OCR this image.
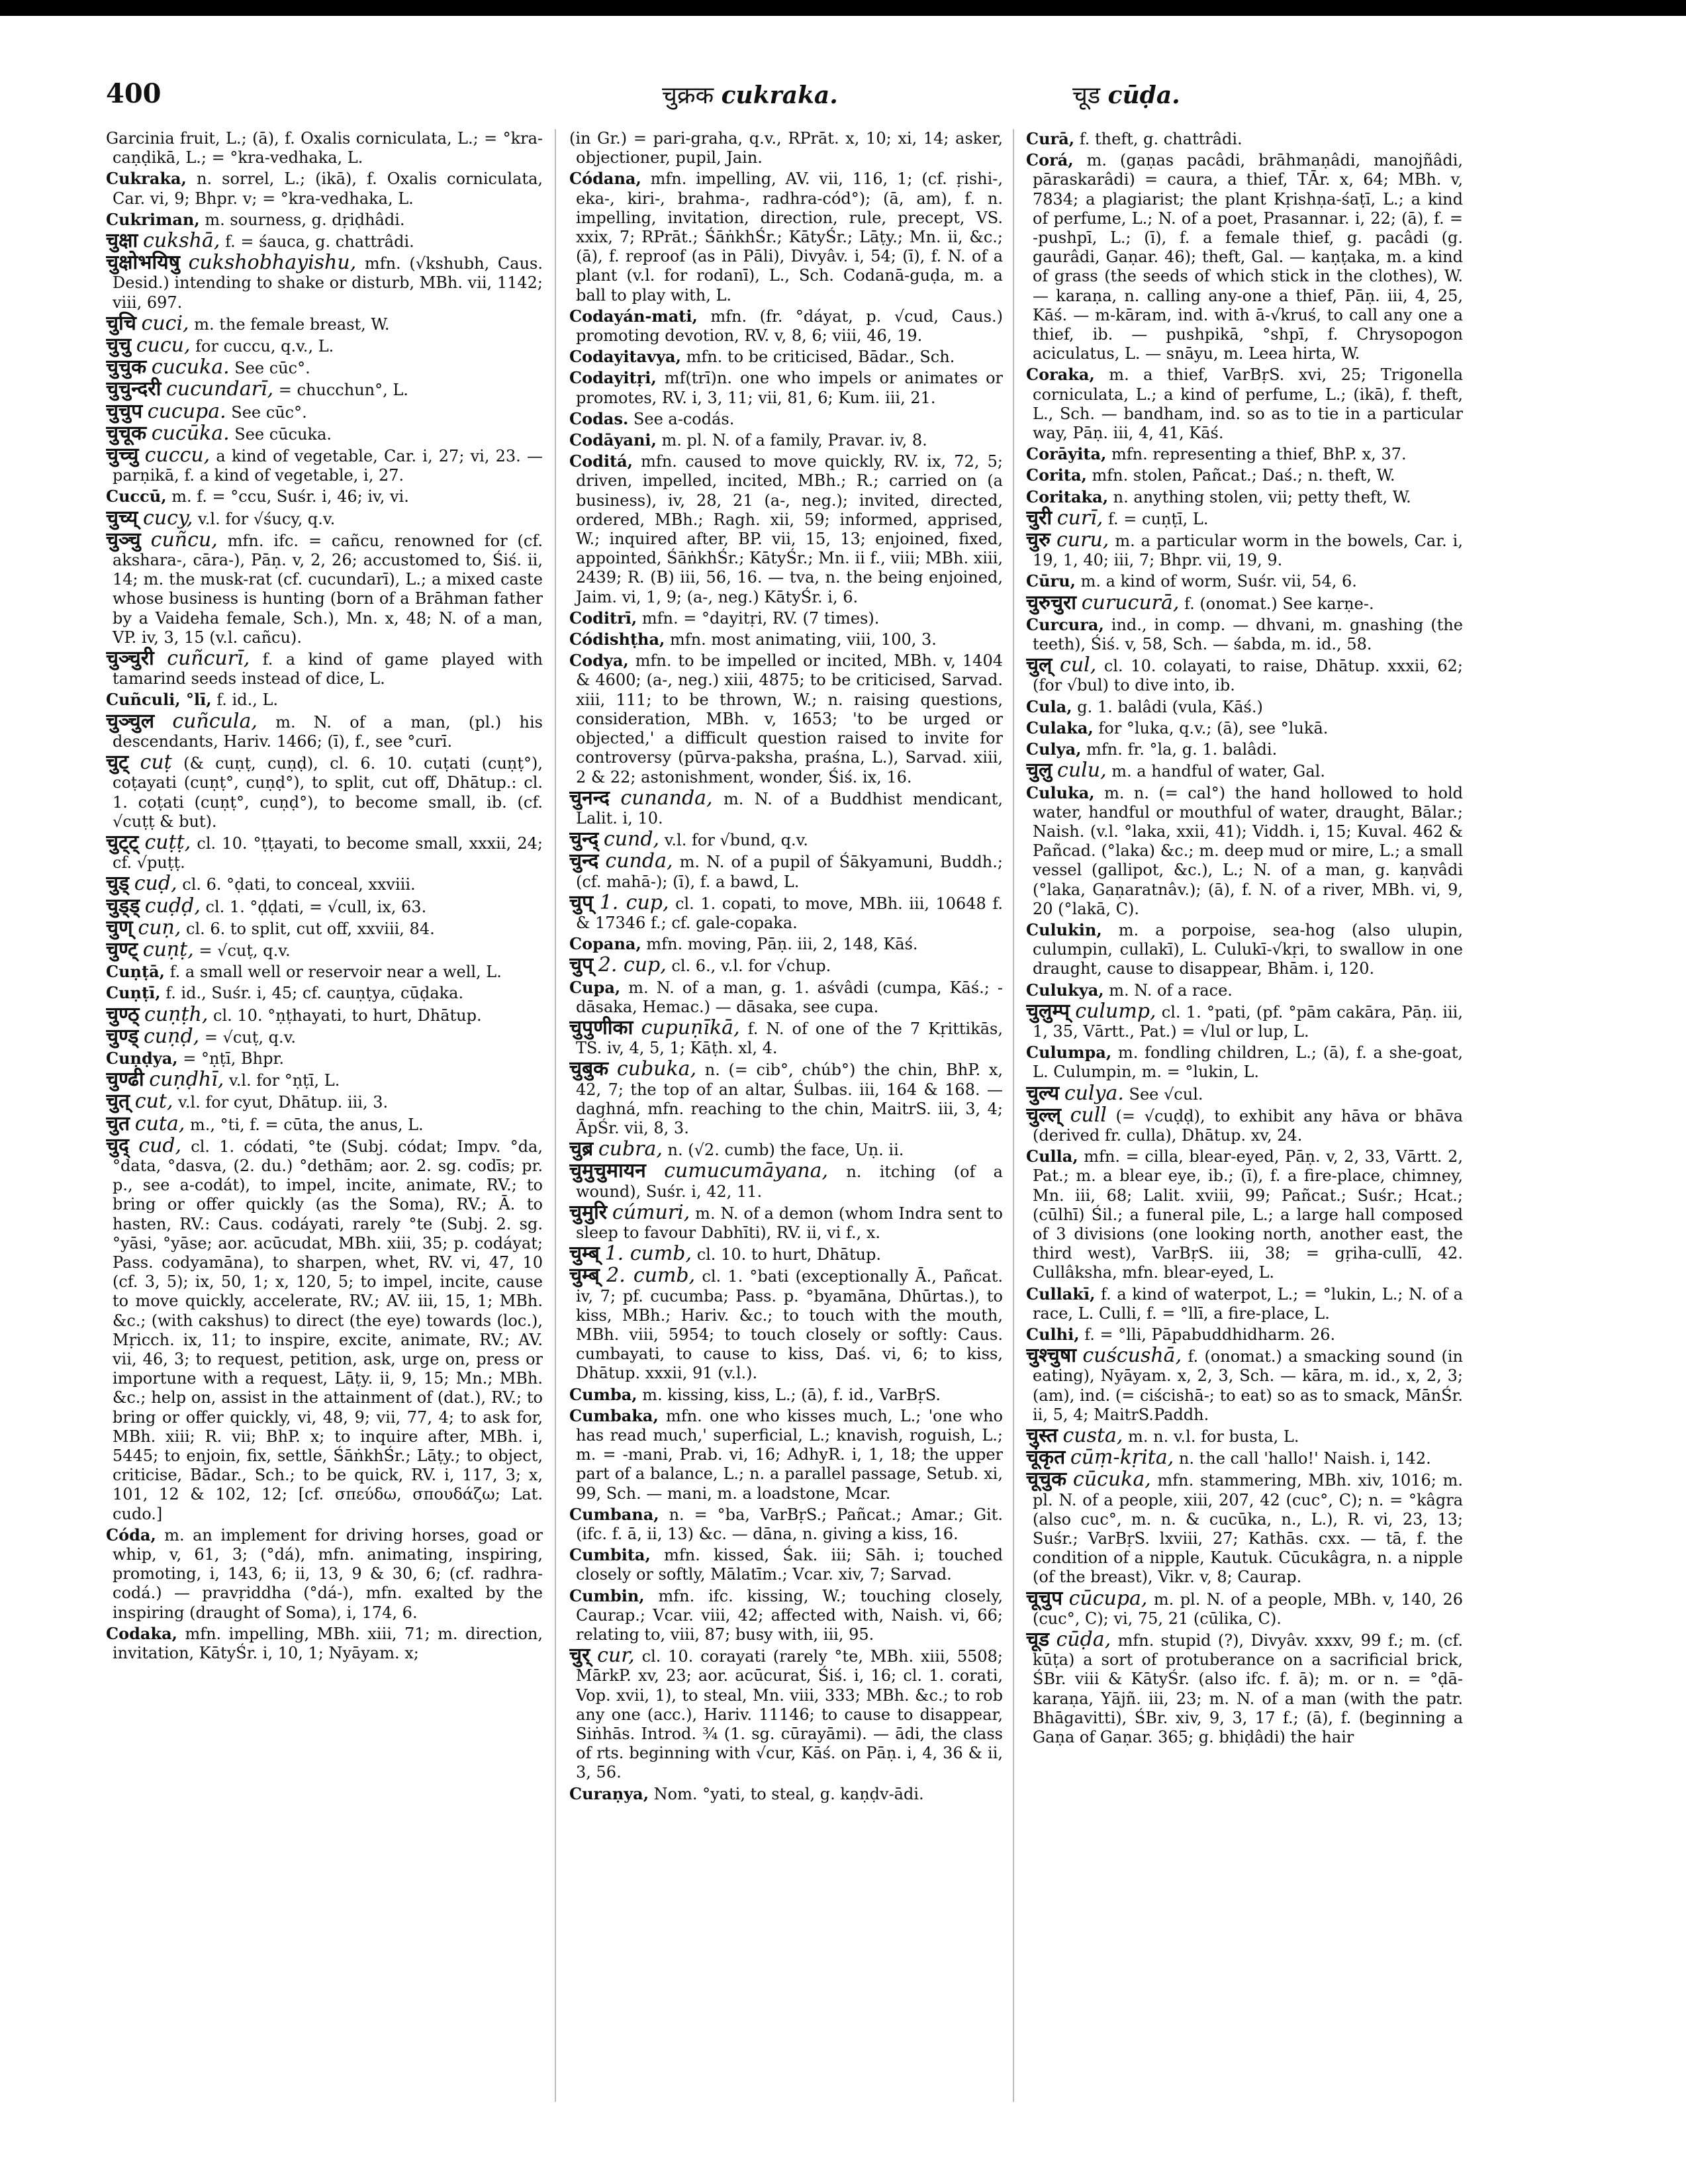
400	चुक्रक cukraka.	चूड cūḍa.

Garcinia fruit, L.; (ā), f. Oxalis corniculata, L.; = °kra-caṇḍikā, L.; = °kra-vedhaka, L.

Cukraka, n. sorrel, L.; (ikā), f. Oxalis corniculata, Car. vi, 9; Bhpr. v; = °kra-vedhaka, L.

Cukriman, m. sourness, g. dṛiḍhâdi.

चुक्षा cukshā, f. = śauca, g. chattrâdi.

चुक्षोभयिषु cukshobhayishu, mfn. (√kshubh, Caus. Desid.) intending to shake or disturb, MBh. vii, 1142; viii, 697.

चुचि cuci, m. the female breast, W.

चुचु cucu, for cuccu, q.v., L.

चुचुक cucuka. See cūc°.

चुचुन्दरी cucundarī, = chucchun°, L.

चुचुप cucupa. See cūc°.

चुचूक cucūka. See cūcuka.

चुच्चु cuccu, a kind of vegetable, Car. i, 27; vi, 23. — parṇikā, f. a kind of vegetable, i, 27.

Cuccū, m. f. = °ccu, Suśr. i, 46; iv, vi.

चुच्य् cucy, v.l. for √śucy, q.v.

चुञ्चु cuñcu, mfn. ifc. = cañcu, renowned for (cf. akshara-, cāra-), Pāṇ. v, 2, 26; accustomed to, Śiś. ii, 14; m. the musk-rat (cf. cucundarī), L.; a mixed caste whose business is hunting (born of a Brāhman father by a Vaideha female, Sch.), Mn. x, 48; N. of a man, VP. iv, 3, 15 (v.l. cañcu).

चुञ्चुरी cuñcurī, f. a kind of game played with tamarind seeds instead of dice, L.

Cuñculi, °lī, f. id., L.

चुञ्चुल cuñcula, m. N. of a man, (pl.) his descendants, Hariv. 1466; (ī), f., see °curī.

चुट् cuṭ (& cuṇṭ, cuṇḍ), cl. 6. 10. cuṭati (cuṇṭ°), coṭayati (cuṇṭ°, cuṇḍ°), to split, cut off, Dhātup.: cl. 1. coṭati (cuṇṭ°, cuṇḍ°), to become small, ib. (cf. √cuṭṭ & but).

चुट्ट् cuṭṭ, cl. 10. °ṭṭayati, to become small, xxxii, 24; cf. √puṭṭ.

चुड् cuḍ, cl. 6. °ḍati, to conceal, xxviii.

चुड्ड् cuḍḍ, cl. 1. °ḍḍati, = √cull, ix, 63.

चुण् cuṇ, cl. 6. to split, cut off, xxviii, 84.

चुण्ट् cuṇṭ, = √cuṭ, q.v.

Cuṇṭā, f. a small well or reservoir near a well, L.

Cuṇṭī, f. id., Suśr. i, 45; cf. cauṇṭya, cūḍaka.

चुण्ठ् cuṇṭh, cl. 10. °ṇṭhayati, to hurt, Dhātup.

चुण्ड् cuṇḍ, = √cuṭ, q.v.

Cuṇḍya, = °ṇṭī, Bhpr.

चुण्ढी cuṇḍhī, v.l. for °ṇṭī, L.

चुत् cut, v.l. for cyut, Dhātup. iii, 3.

चुत cuta, m., °ti, f. = cūta, the anus, L.

चुद् cud, cl. 1. códati, °te (Subj. códat; Impv. °da, °data, °dasva, (2. du.) °dethām; aor. 2. sg. codīs; pr. p., see a-codát), to impel, incite, animate, RV.; to bring or offer quickly (as the Soma), RV.; Ā. to hasten, RV.: Caus. codáyati, rarely °te (Subj. 2. sg. °yāsi, °yāse; aor. acūcudat, MBh. xiii, 35; p. codáyat; Pass. codyamāna), to sharpen, whet, RV. vi, 47, 10 (cf. 3, 5); ix, 50, 1; x, 120, 5; to impel, incite, cause to move quickly, accelerate, RV.; AV. iii, 15, 1; MBh. &c.; (with cakshus) to direct (the eye) towards (loc.), Mṛicch. ix, 11; to inspire, excite, animate, RV.; AV. vii, 46, 3; to request, petition, ask, urge on, press or importune with a request, Lāṭy. ii, 9, 15; Mn.; MBh. &c.; help on, assist in the attainment of (dat.), RV.; to bring or offer quickly, vi, 48, 9; vii, 77, 4; to ask for, MBh. xiii; R. vii; BhP. x; to inquire after, MBh. i, 5445; to enjoin, fix, settle, ŚāṅkhŚr.; Lāṭy.; to object, criticise, Bādar., Sch.; to be quick, RV. i, 117, 3; x, 101, 12 & 102, 12; [cf. σπεύδω, σπουδάζω; Lat. cudo.]

Códa, m. an implement for driving horses, goad or whip, v, 61, 3; (°dá), mfn. animating, inspiring, promoting, i, 143, 6; ii, 13, 9 & 30, 6; (cf. radhra-codá.) — pravṛiddha (°dá-), mfn. exalted by the inspiring (draught of Soma), i, 174, 6.

Codaka, mfn. impelling, MBh. xiii, 71; m. direction, invitation, KātyŚr. i, 10, 1; Nyāyam. x;

(in Gr.) = pari-graha, q.v., RPrāt. x, 10; xi, 14; asker, objectioner, pupil, Jain.

Códana, mfn. impelling, AV. vii, 116, 1; (cf. ṛishi-, eka-, kiri-, brahma-, radhra-cód°); (ā, am), f. n. impelling, invitation, direction, rule, precept, VS. xxix, 7; RPrāt.; ŚāṅkhŚr.; KātyŚr.; Lāṭy.; Mn. ii, &c.; (ā), f. reproof (as in Pāli), Divyâv. i, 54; (ī), f. N. of a plant (v.l. for rodanī), L., Sch. Codanā-guḍa, m. a ball to play with, L.

Codayán-mati, mfn. (fr. °dáyat, p. √cud, Caus.) promoting devotion, RV. v, 8, 6; viii, 46, 19.

Codayitavya, mfn. to be criticised, Bādar., Sch.

Codayitṛi, mf(trī)n. one who impels or animates or promotes, RV. i, 3, 11; vii, 81, 6; Kum. iii, 21.

Codas. See a-codás.

Codāyani, m. pl. N. of a family, Pravar. iv, 8.

Coditá, mfn. caused to move quickly, RV. ix, 72, 5; driven, impelled, incited, MBh.; R.; carried on (a business), iv, 28, 21 (a-, neg.); invited, directed, ordered, MBh.; Ragh. xii, 59; informed, apprised, W.; inquired after, BP. vii, 15, 13; enjoined, fixed, appointed, ŚāṅkhŚr.; KātyŚr.; Mn. ii f., viii; MBh. xiii, 2439; R. (B) iii, 56, 16. — tva, n. the being enjoined, Jaim. vi, 1, 9; (a-, neg.) KātyŚr. i, 6.

Coditrī, mfn. = °dayitṛi, RV. (7 times).

Códishṭha, mfn. most animating, viii, 100, 3.

Codya, mfn. to be impelled or incited, MBh. v, 1404 & 4600; (a-, neg.) xiii, 4875; to be criticised, Sarvad. xiii, 111; to be thrown, W.; n. raising questions, consideration, MBh. v, 1653; 'to be urged or objected,' a difficult question raised to invite for controversy (pūrva-paksha, praśna, L.), Sarvad. xiii, 2 & 22; astonishment, wonder, Śiś. ix, 16.

चुनन्द cunanda, m. N. of a Buddhist mendicant, Lalit. i, 10.

चुन्द् cund, v.l. for √bund, q.v.

चुन्द cunda, m. N. of a pupil of Śākyamuni, Buddh.; (cf. mahā-); (ī), f. a bawd, L.

चुप् 1. cup, cl. 1. copati, to move, MBh. iii, 10648 f. & 17346 f.; cf. gale-copaka.

Copana, mfn. moving, Pāṇ. iii, 2, 148, Kāś.

चुप् 2. cup, cl. 6., v.l. for √chup.

Cupa, m. N. of a man, g. 1. aśvâdi (cumpa, Kāś.; -dāsaka, Hemac.) — dāsaka, see cupa.

चुपुणीका cupuṇīkā, f. N. of one of the 7 Kṛittikās, TS. iv, 4, 5, 1; Kāṭh. xl, 4.

चुबुक cubuka, n. (= cib°, chúb°) the chin, BhP. x, 42, 7; the top of an altar, Śulbas. iii, 164 & 168. — daghná, mfn. reaching to the chin, MaitrS. iii, 3, 4; ĀpŚr. vii, 8, 3.

चुब्र cubra, n. (√2. cumb) the face, Uṇ. ii.

चुमुचुमायन cumucumāyana, n. itching (of a wound), Suśr. i, 42, 11.

चुमुरि cúmuri, m. N. of a demon (whom Indra sent to sleep to favour Dabhīti), RV. ii, vi f., x.

चुम्ब् 1. cumb, cl. 10. to hurt, Dhātup.

चुम्ब् 2. cumb, cl. 1. °bati (exceptionally Ā., Pañcat. iv, 7; pf. cucumba; Pass. p. °byamāna, Dhūrtas.), to kiss, MBh.; Hariv. &c.; to touch with the mouth, MBh. viii, 5954; to touch closely or softly: Caus. cumbayati, to cause to kiss, Daś. vi, 6; to kiss, Dhātup. xxxii, 91 (v.l.).

Cumba, m. kissing, kiss, L.; (ā), f. id., VarBṛS.

Cumbaka, mfn. one who kisses much, L.; 'one who has read much,' superficial, L.; knavish, roguish, L.; m. = -mani, Prab. vi, 16; AdhyR. i, 1, 18; the upper part of a balance, L.; n. a parallel passage, Setub. xi, 99, Sch. — mani, m. a loadstone, Mcar.

Cumbana, n. = °ba, VarBṛS.; Pañcat.; Amar.; Git. (ifc. f. ā, ii, 13) &c. — dāna, n. giving a kiss, 16.

Cumbita, mfn. kissed, Śak. iii; Sāh. i; touched closely or softly, Mālatīm.; Vcar. xiv, 7; Sarvad.

Cumbin, mfn. ifc. kissing, W.; touching closely, Caurap.; Vcar. viii, 42; affected with, Naish. vi, 66; relating to, viii, 87; busy with, iii, 95.

चुर् cur, cl. 10. corayati (rarely °te, MBh. xiii, 5508; MārkP. xv, 23; aor. acūcurat, Śiś. i, 16; cl. 1. corati, Vop. xvii, 1), to steal, Mn. viii, 333; MBh. &c.; to rob any one (acc.), Hariv. 11146; to cause to disappear, Siṅhās. Introd. ¾ (1. sg. cūrayāmi). — ādi, the class of rts. beginning with √cur, Kāś. on Pāṇ. i, 4, 36 & ii, 3, 56.

Curaṇya, Nom. °yati, to steal, g. kaṇḍv-ādi.

Curā, f. theft, g. chattrâdi.

Corá, m. (gaṇas pacâdi, brāhmaṇâdi, manojñâdi, pāraskarâdi) = caura, a thief, TĀr. x, 64; MBh. v, 7834; a plagiarist; the plant Kṛishṇa-śaṭī, L.; a kind of perfume, L.; N. of a poet, Prasannar. i, 22; (ā), f. = -pushpī, L.; (ī), f. a female thief, g. pacâdi (g. gaurâdi, Gaṇar. 46); theft, Gal. — kaṇṭaka, m. a kind of grass (the seeds of which stick in the clothes), W. — karaṇa, n. calling any-one a thief, Pāṇ. iii, 4, 25, Kāś. — m-kāram, ind. with ā-√kruś, to call any one a thief, ib. — pushpikā, °shpī, f. Chrysopogon aciculatus, L. — snāyu, m. Leea hirta, W.

Coraka, m. a thief, VarBṛS. xvi, 25; Trigonella corniculata, L.; a kind of perfume, L.; (ikā), f. theft, L., Sch. — bandham, ind. so as to tie in a particular way, Pāṇ. iii, 4, 41, Kāś.

Corāyita, mfn. representing a thief, BhP. x, 37.

Corita, mfn. stolen, Pañcat.; Daś.; n. theft, W.

Coritaka, n. anything stolen, vii; petty theft, W.

चुरी curī, f. = cuṇṭī, L.

चुरु curu, m. a particular worm in the bowels, Car. i, 19, 1, 40; iii, 7; Bhpr. vii, 19, 9.

Cūru, m. a kind of worm, Suśr. vii, 54, 6.

चुरुचुरा curucurā, f. (onomat.) See karṇe-.

Curcura, ind., in comp. — dhvani, m. gnashing (the teeth), Śiś. v, 58, Sch. — śabda, m. id., 58.

चुल् cul, cl. 10. colayati, to raise, Dhātup. xxxii, 62; (for √bul) to dive into, ib.

Cula, g. 1. balâdi (vula, Kāś.)

Culaka, for °luka, q.v.; (ā), see °lukā.

Culya, mfn. fr. °la, g. 1. balâdi.

चुलु culu, m. a handful of water, Gal.

Culuka, m. n. (= cal°) the hand hollowed to hold water, handful or mouthful of water, draught, Bālar.; Naish. (v.l. °laka, xxii, 41); Viddh. i, 15; Kuval. 462 & Pañcad. (°laka) &c.; m. deep mud or mire, L.; a small vessel (gallipot, &c.), L.; N. of a man, g. kaṇvâdi (°laka, Gaṇaratnâv.); (ā), f. N. of a river, MBh. vi, 9, 20 (°lakā, C).

Culukin, m. a porpoise, sea-hog (also ulupin, culumpin, cullakī), L. Culukī-√kṛi, to swallow in one draught, cause to disappear, Bhām. i, 120.

Culukya, m. N. of a race.

चुलुम्प् culump, cl. 1. °pati, (pf. °pām cakāra, Pāṇ. iii, 1, 35, Vārtt., Pat.) = √lul or lup, L.

Culumpa, m. fondling children, L.; (ā), f. a she-goat, L. Culumpin, m. = °lukin, L.

चुल्य culya. See √cul.

चुल्ल् cull (= √cuḍḍ), to exhibit any hāva or bhāva (derived fr. culla), Dhātup. xv, 24.

Culla, mfn. = cilla, blear-eyed, Pāṇ. v, 2, 33, Vārtt. 2, Pat.; m. a blear eye, ib.; (ī), f. a fire-place, chimney, Mn. iii, 68; Lalit. xviii, 99; Pañcat.; Suśr.; Hcat.; (cūlhī) Śil.; a funeral pile, L.; a large hall composed of 3 divisions (one looking north, another east, the third west), VarBṛS. iii, 38; = gṛiha-cullī, 42. Cullâksha, mfn. blear-eyed, L.

Cullakī, f. a kind of waterpot, L.; = °lukin, L.; N. of a race, L. Culli, f. = °llī, a fire-place, L.

Culhi, f. = °lli, Pāpabuddhidharm. 26.

चुश्चुषा cuścushā, f. (onomat.) a smacking sound (in eating), Nyāyam. x, 2, 3, Sch. — kāra, m. id., x, 2, 3; (am), ind. (= ciścishā-; to eat) so as to smack, MānŚr. ii, 5, 4; MaitrS.Paddh.

चुस्त custa, m. n. v.l. for busta, L.

चूंकृत cūṃ-kṛita, n. the call 'hallo!' Naish. i, 142.

चूचुक cūcuka, mfn. stammering, MBh. xiv, 1016; m. pl. N. of a people, xiii, 207, 42 (cuc°, C); n. = °kâgra (also cuc°, m. n. & cucūka, n., L.), R. vi, 23, 13; Suśr.; VarBṛS. lxviii, 27; Kathās. cxx. — tā, f. the condition of a nipple, Kautuk. Cūcukâgra, n. a nipple (of the breast), Vikr. v, 8; Caurap.

चूचुप cūcupa, m. pl. N. of a people, MBh. v, 140, 26 (cuc°, C); vi, 75, 21 (cūlika, C).

चूड cūḍa, mfn. stupid (?), Divyâv. xxxv, 99 f.; m. (cf. kūṭa) a sort of protuberance on a sacrificial brick, ŚBr. viii & KātyŚr. (also ifc. f. ā); m. or n. = °ḍā-karaṇa, Yājñ. iii, 23; m. N. of a man (with the patr. Bhāgavitti), ŚBr. xiv, 9, 3, 17 f.; (ā), f. (beginning a Gaṇa of Gaṇar. 365; g. bhiḍâdi) the hair
